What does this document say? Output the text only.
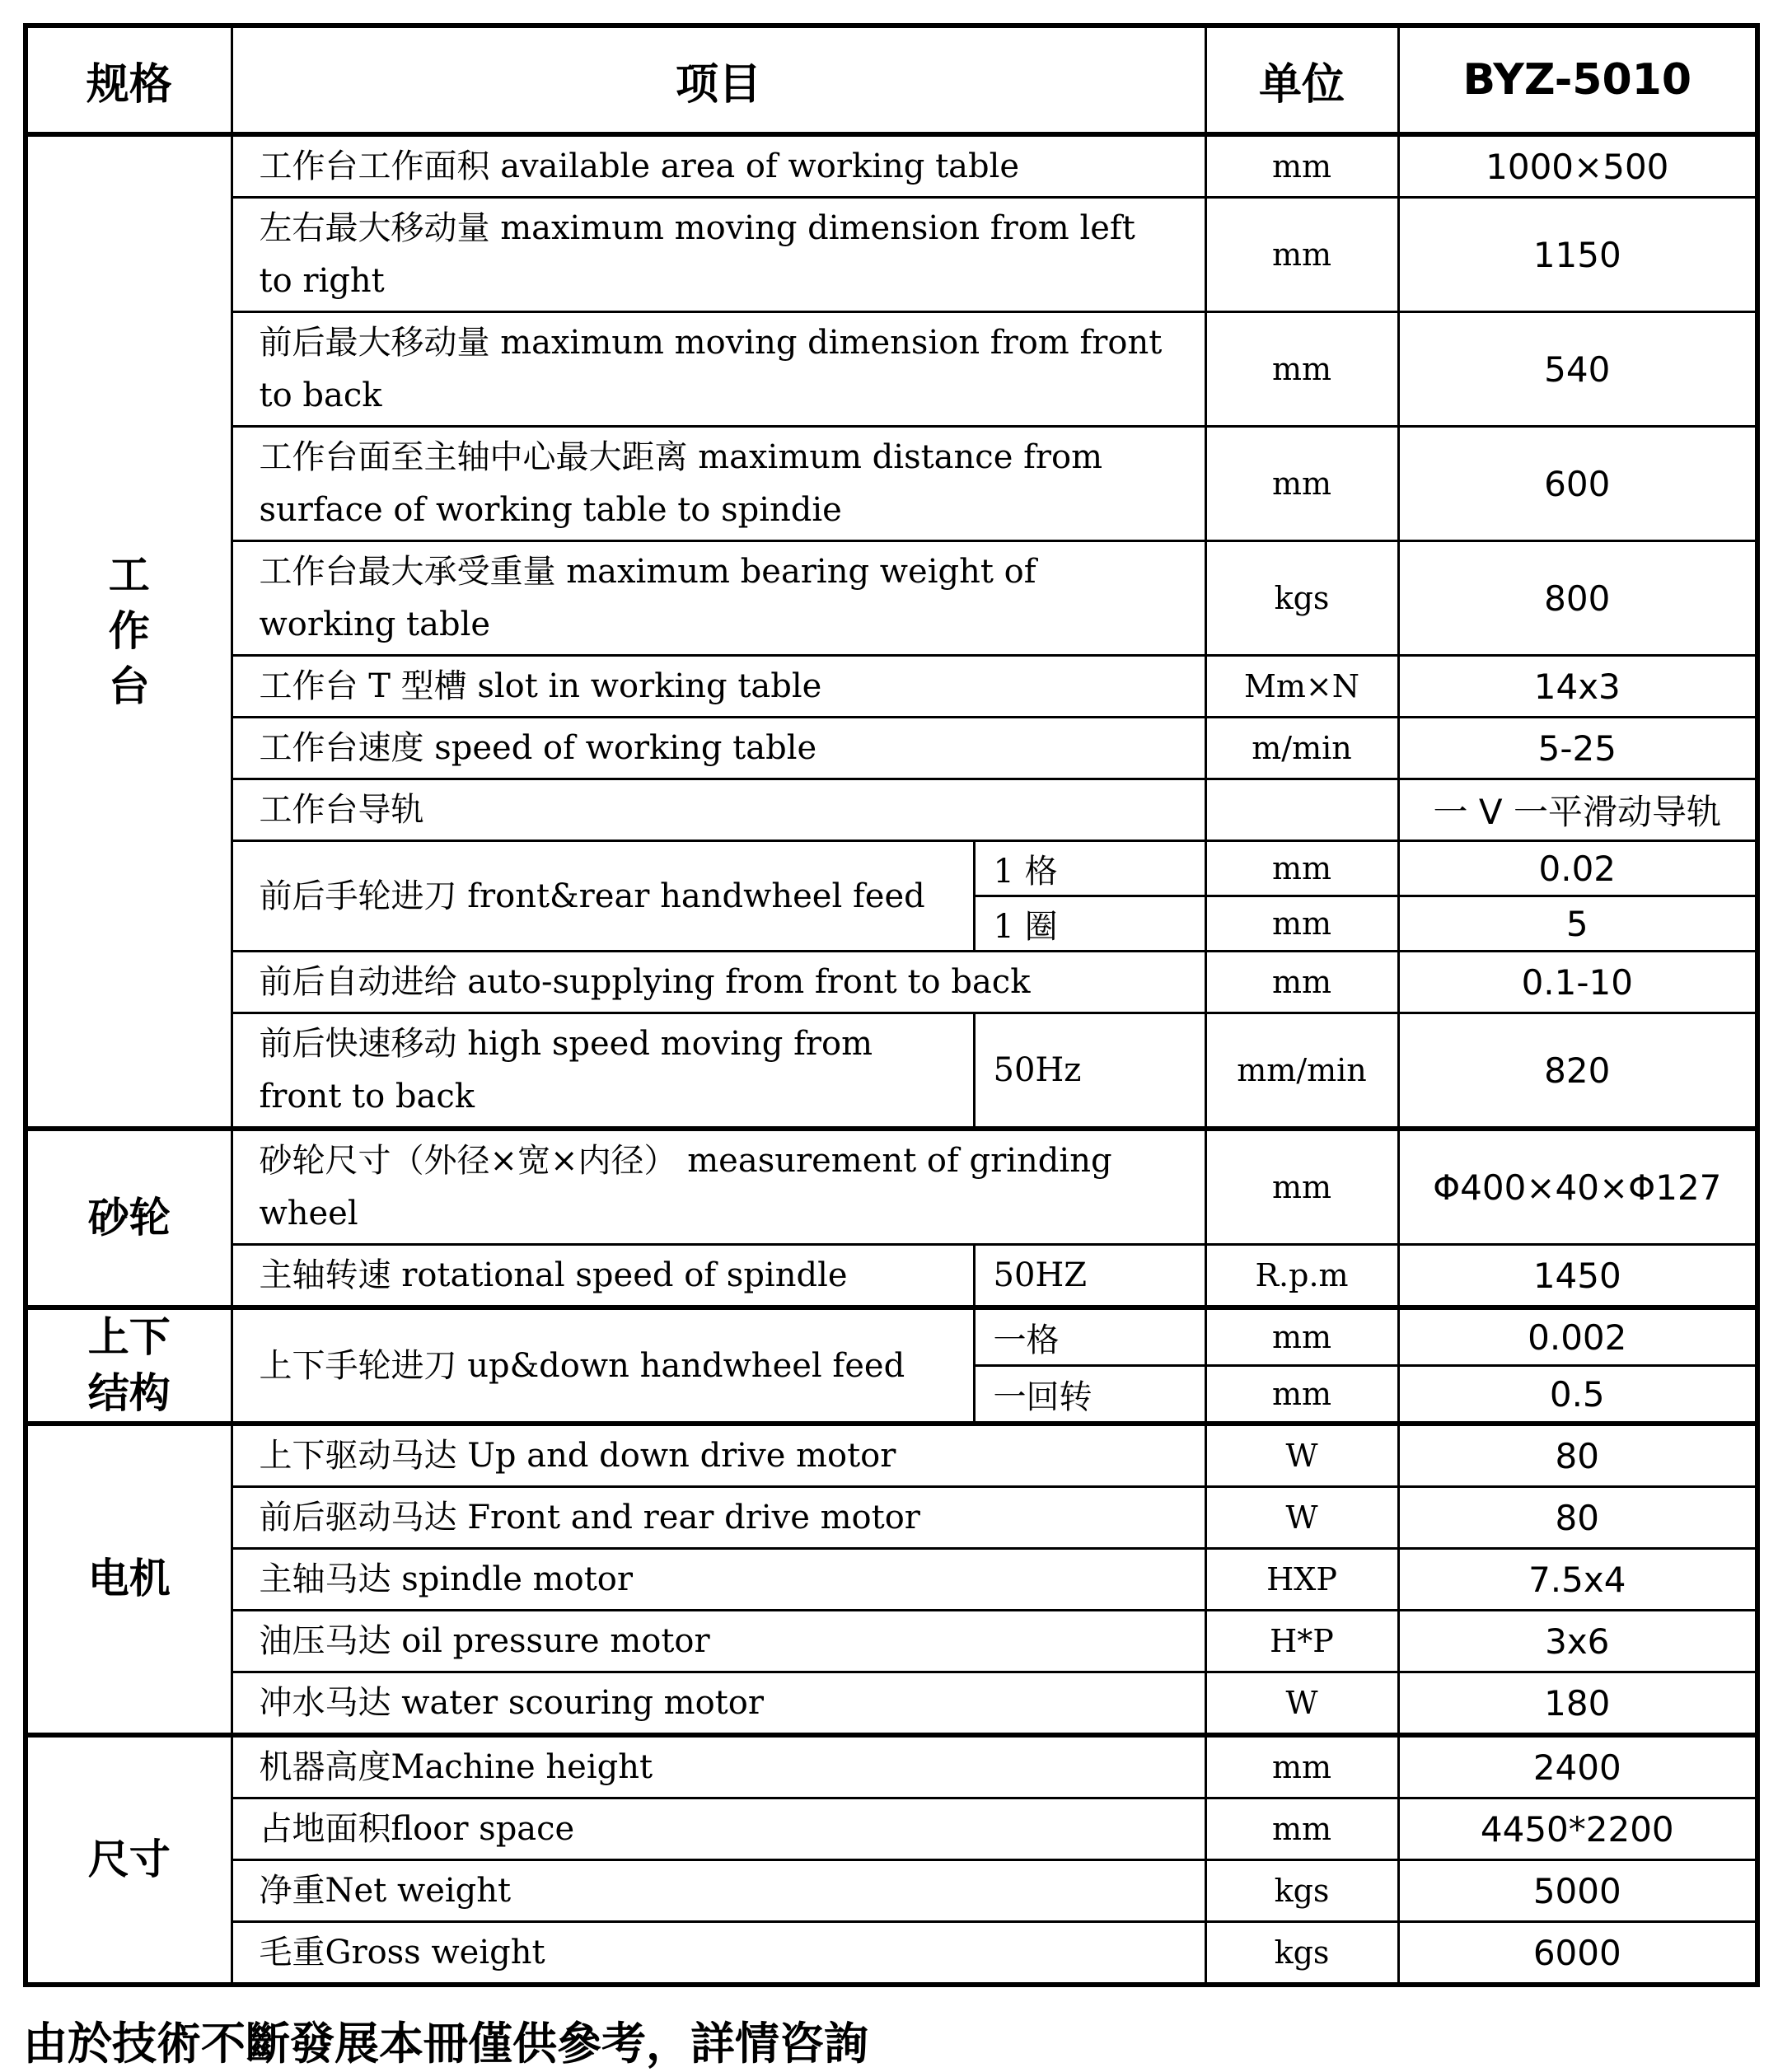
规格	项目		单位	BYZ-5010
工
作
台	工作台工作面积 available area of working table		mm	1000×500
	左右最大移动量 maximum moving dimension from left to right		mm	1150
	前后最大移动量 maximum moving dimension from front to back		mm	540
	工作台面至主轴中心最大距离 maximum distance from surface of working table to spindie		mm	600
	工作台最大承受重量 maximum bearing weight of working table		kgs	800
	工作台 T 型槽 slot in working table		Mm×N	14x3
	工作台速度 speed of working table		m/min	5-25
	工作台导轨			一 V 一平滑动导轨
	前后手轮进刀 front&rear handwheel feed	1 格	mm	0.02
		1 圈	mm	5
	前后自动进给 auto-supplying from front to back		mm	0.1-10
	前后快速移动 high speed moving from front to back	50Hz	mm/min	820
砂轮	砂轮尺寸（外径×宽×内径） measurement of grinding wheel		mm	Φ400×40×Φ127
	主轴转速 rotational speed of spindle	50HZ	R.p.m	1450
上下
结构	上下手轮进刀 up&down handwheel feed	一格	mm	0.002
		一回转	mm	0.5
电机	上下驱动马达 Up and down drive motor		W	80
	前后驱动马达 Front and rear drive motor		W	80
	主轴马达 spindle motor		HXP	7.5x4
	油压马达 oil pressure motor		H*P	3x6
	冲水马达 water scouring motor		W	180
尺寸	机器高度Machine height		mm	2400
	占地面积floor space		mm	4450*2200
	净重Net weight		kgs	5000
	毛重Gross weight		kgs	6000
由於技術不斷發展本冊僅供參考，詳情咨詢
